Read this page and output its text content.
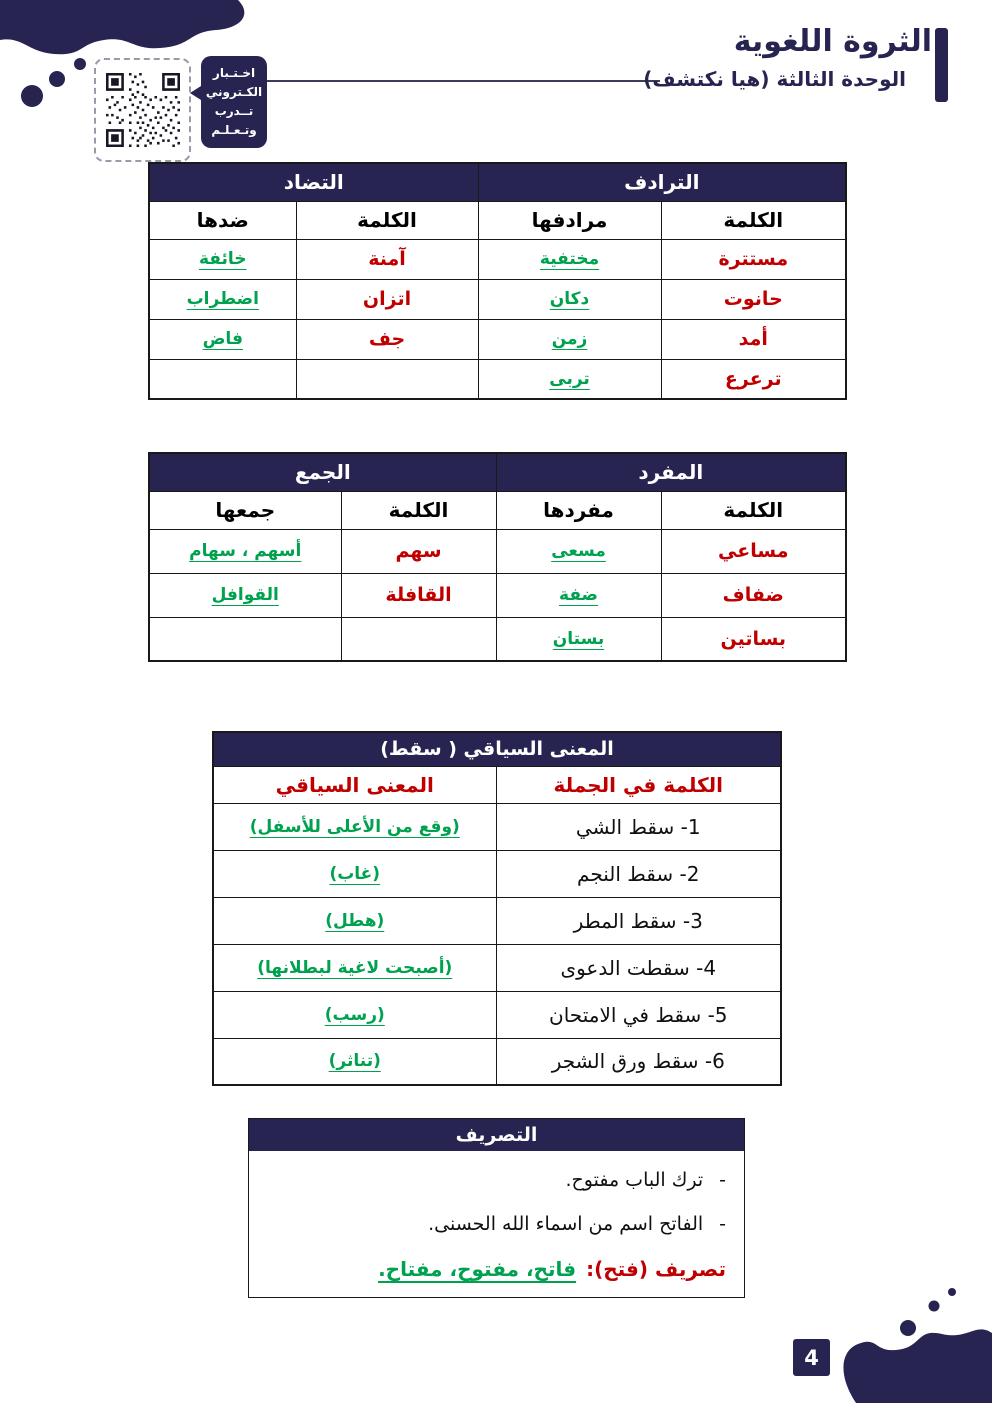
الثروة اللغوية
الوحدة الثالثة (هيا نكتشف)
اخـتـبار
الكـتروني
تــدرب
وتـعـلـم
الترادف		التضاد	
الكلمة	مرادفها	الكلمة	ضدها
مستترة	مختفية	آمنة	خائفة
حانوت	دكان	اتزان	اضطراب
أمد	زمن	جف	فاض
ترعرع	تربى		
المفرد		الجمع	
الكلمة	مفردها	الكلمة	جمعها
مساعي	مسعى	سهم	أسهم ، سهام
ضفاف	ضفة	القافلة	القوافل
بساتين	بستان		
المعنى السياقي ( سقط)	
الكلمة في الجملة	المعنى السياقي
1- سقط الشي	(وقع من الأعلى للأسفل)
2- سقط النجم	(غاب)
3- سقط المطر	(هطل)
4- سقطت الدعوى	(أصبحت لاغية لبطلانها)
5- سقط في الامتحان	(رسب)
6- سقط ورق الشجر	(تناثر)
التصريف
-
ترك الباب مفتوح.
-
الفاتح اسم من اسماء الله الحسنى.
تصريف (فتح):
فاتح، مفتوح، مفتاح.
4
